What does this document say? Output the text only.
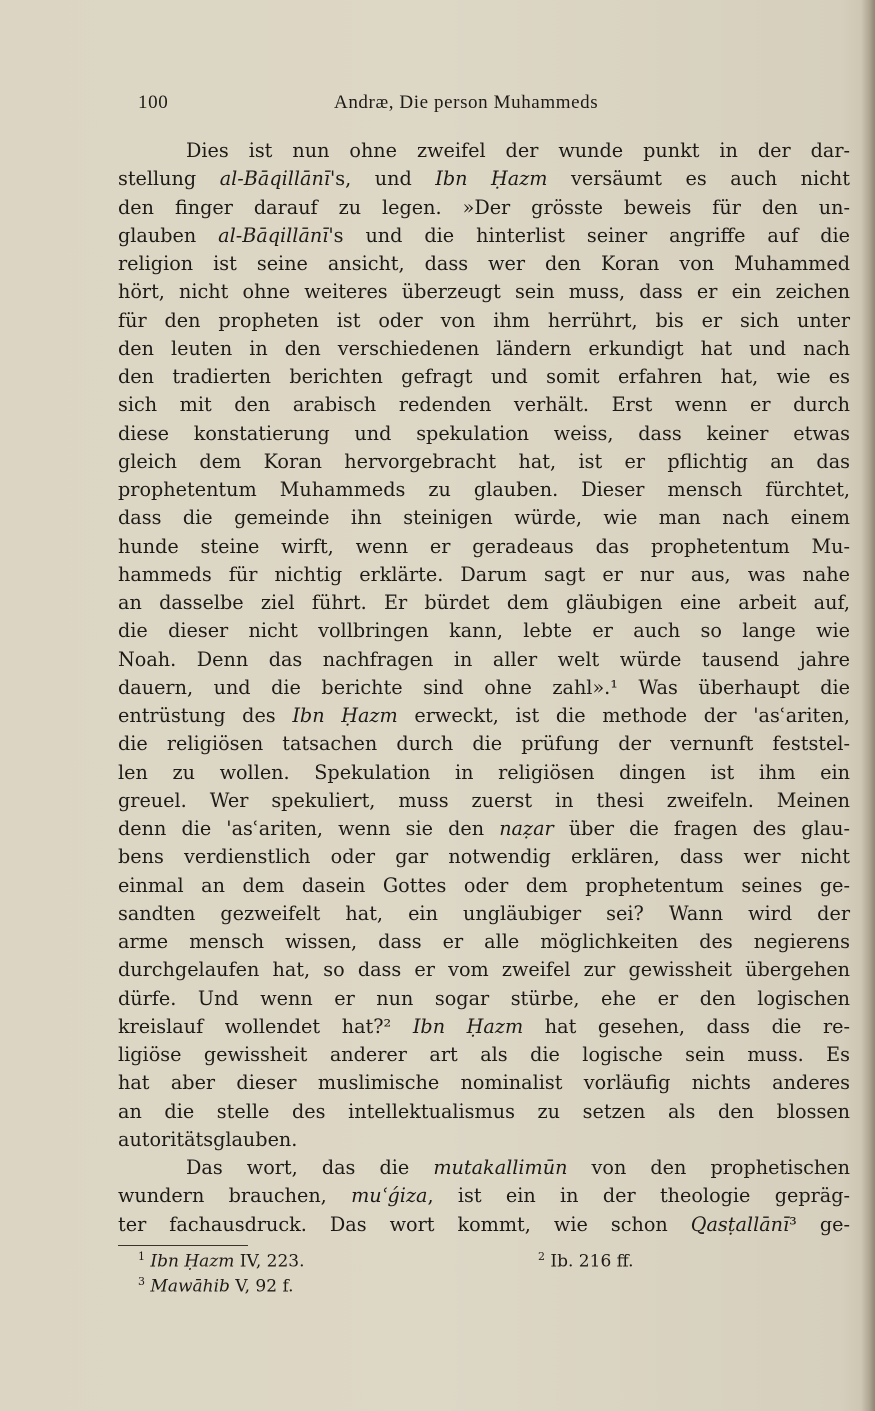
100	Andræ, Die person Muhammeds
Dies ist nun ohne zweifel der wunde punkt in der dar-
stellung al-Bāqillānī's, und Ibn Ḥazm versäumt es auch nicht
den finger darauf zu legen. »Der grösste beweis für den un-
glauben al-Bāqillānī's und die hinterlist seiner angriffe auf die
religion ist seine ansicht, dass wer den Koran von Muhammed
hört, nicht ohne weiteres überzeugt sein muss, dass er ein zeichen
für den propheten ist oder von ihm herrührt, bis er sich unter
den leuten in den verschiedenen ländern erkundigt hat und nach
den tradierten berichten gefragt und somit erfahren hat, wie es
sich mit den arabisch redenden verhält. Erst wenn er durch
diese konstatierung und spekulation weiss, dass keiner etwas
gleich dem Koran hervorgebracht hat, ist er pflichtig an das
prophetentum Muhammeds zu glauben. Dieser mensch fürchtet,
dass die gemeinde ihn steinigen würde, wie man nach einem
hunde steine wirft, wenn er geradeaus das prophetentum Mu-
hammeds für nichtig erklärte. Darum sagt er nur aus, was nahe
an dasselbe ziel führt. Er bürdet dem gläubigen eine arbeit auf,
die dieser nicht vollbringen kann, lebte er auch so lange wie
Noah. Denn das nachfragen in aller welt würde tausend jahre
dauern, und die berichte sind ohne zahl».¹ Was überhaupt die
entrüstung des Ibn Ḥazm erweckt, ist die methode der 'asʿariten,
die religiösen tatsachen durch die prüfung der vernunft feststel-
len zu wollen. Spekulation in religiösen dingen ist ihm ein
greuel. Wer spekuliert, muss zuerst in thesi zweifeln. Meinen
denn die 'asʿariten, wenn sie den naẓar über die fragen des glau-
bens verdienstlich oder gar notwendig erklären, dass wer nicht
einmal an dem dasein Gottes oder dem prophetentum seines ge-
sandten gezweifelt hat, ein ungläubiger sei? Wann wird der
arme mensch wissen, dass er alle möglichkeiten des negierens
durchgelaufen hat, so dass er vom zweifel zur gewissheit übergehen
dürfe. Und wenn er nun sogar stürbe, ehe er den logischen
kreislauf wollendet hat?² Ibn Ḥazm hat gesehen, dass die re-
ligiöse gewissheit anderer art als die logische sein muss. Es
hat aber dieser muslimische nominalist vorläufig nichts anderes
an die stelle des intellektualismus zu setzen als den blossen
autoritätsglauben.
Das wort, das die mutakallimūn von den prophetischen
wundern brauchen, muʿǵiza, ist ein in der theologie gepräg-
ter fachausdruck. Das wort kommt, wie schon Qasṭallānī³ ge-
$^1$ Ibn Ḥazm IV, 223.	$^2$ Ib. 216 ff.
$^3$ Mawāhib V, 92 f.
